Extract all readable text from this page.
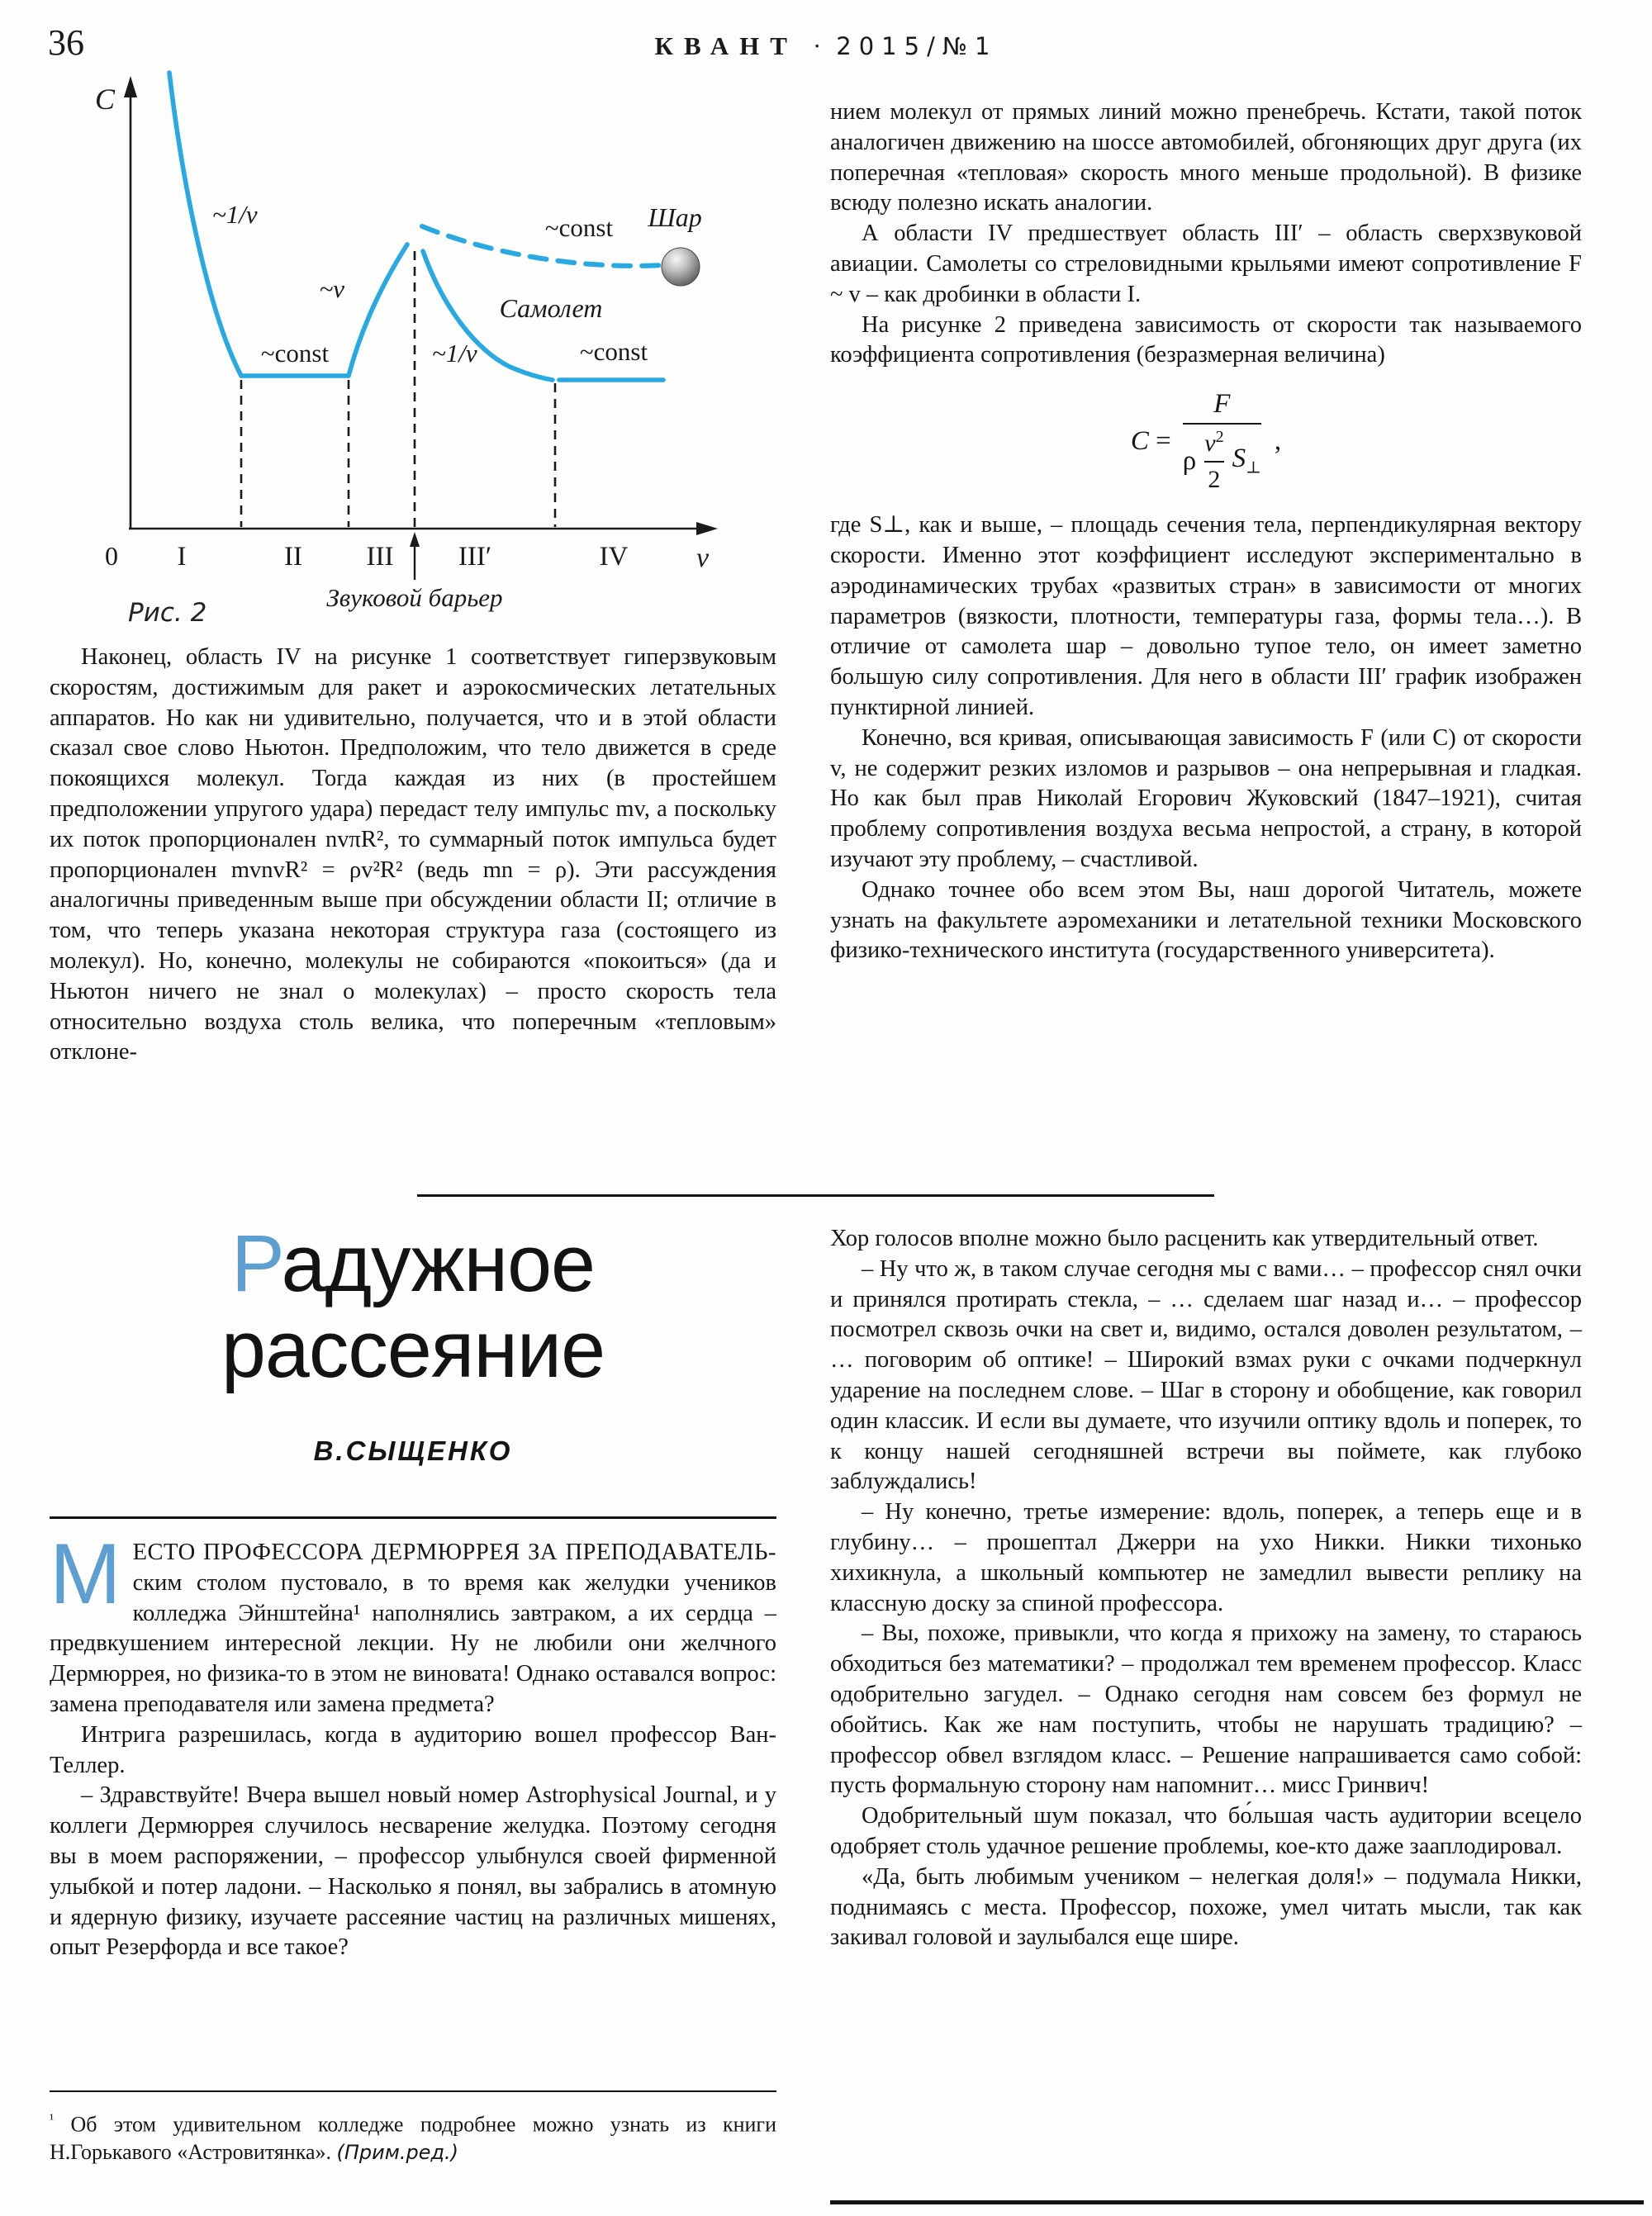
36	КВАНТ · 2015/№1
C
v
0
~1/v
~const
~v
~1/v
Самолет
~const Шар
~const
I	II III III′	IV
Звуковой барьер
Рис. 2

Наконец, область IV на рисунке 1 соответствует гиперзвуковым скоростям, достижимым для ракет и аэрокосмических летательных аппаратов. Но как ни удивительно, получается, что и в этой области сказал свое слово Ньютон. Предположим, что тело движется в среде покоящихся молекул. Тогда каждая из них (в простейшем предположении упругого удара) передаст телу импульс mv, а поскольку их поток пропорционален nvπR², то суммарный поток импульса будет пропорционален mvnvR² = ρv²R² (ведь mn = ρ). Эти рассуждения аналогичны приведенным выше при обсуждении области II; отличие в том, что теперь указана некоторая структура газа (состоящего из молекул). Но, конечно, молекулы не собираются «покоиться» (да и Ньютон ничего не знал о молекулах) – просто скорость тела относительно воздуха столь велика, что поперечным «тепловым» отклоне-

нием молекул от прямых линий можно пренебречь. Кстати, такой поток аналогичен движению на шоссе автомобилей, обгоняющих друг друга (их поперечная «тепловая» скорость много меньше продольной). В физике всюду полезно искать аналогии.

А области IV предшествует область III′ – область сверхзвуковой авиации. Самолеты со стреловидными крыльями имеют сопротивление F ~ v – как дробинки в области I.

На рисунке 2 приведена зависимость от скорости так называемого коэффициента сопротивления (безразмерная величина)

C =
F
ρ $\frac{v^2}{2} S_\perp$
,

где S⊥, как и выше, – площадь сечения тела, перпендикулярная вектору скорости. Именно этот коэффициент исследуют экспериментально в аэродинамических трубах «развитых стран» в зависимости от многих параметров (вязкости, плотности, температуры газа, формы тела…). В отличие от самолета шар – довольно тупое тело, он имеет заметно большую силу сопротивления. Для него в области III′ график изображен пунктирной линией.

Конечно, вся кривая, описывающая зависимость F (или C) от скорости v, не содержит резких изломов и разрывов – она непрерывная и гладкая. Но как был прав Николай Егорович Жуковский (1847–1921), считая проблему сопротивления воздуха весьма непростой, а страну, в которой изучают эту проблему, – счастливой.

Однако точнее обо всем этом Вы, наш дорогой Читатель, можете узнать на факультете аэромеханики и летательной техники Московского физико-технического института (государственного университета).

Радужное
рассеяние
В.СЫЩЕНКО

МЕСТО ПРОФЕССОРА ДЕРМЮРРЕЯ ЗА ПРЕПОДАВАТЕЛЬ-ским столом пустовало, в то время как желудки учеников колледжа Эйнштейна¹ наполнялись завтраком, а их сердца – предвкушением интересной лекции. Ну не любили они желчного Дермюррея, но физика-то в этом не виновата! Однако оставался вопрос: замена преподавателя или замена предмета?

Интрига разрешилась, когда в аудиторию вошел профессор Ван-Теллер.

– Здравствуйте! Вчера вышел новый номер Astrophysical Journal, и у коллеги Дермюррея случилось несварение желудка. Поэтому сегодня вы в моем распоряжении, – профессор улыбнулся своей фирменной улыбкой и потер ладони. – Насколько я понял, вы забрались в атомную и ядерную физику, изучаете рассеяние частиц на различных мишенях, опыт Резерфорда и все такое?

$^{^1}$ Об этом удивительном колледже подробнее можно узнать из книги Н.Горькавого «Астровитянка». (Прим.ред.)

Хор голосов вполне можно было расценить как утвердительный ответ.

– Ну что ж, в таком случае сегодня мы с вами… – профессор снял очки и принялся протирать стекла, – … сделаем шаг назад и… – профессор посмотрел сквозь очки на свет и, видимо, остался доволен результатом, – … поговорим об оптике! – Широкий взмах руки с очками подчеркнул ударение на последнем слове. – Шаг в сторону и обобщение, как говорил один классик. И если вы думаете, что изучили оптику вдоль и поперек, то к концу нашей сегодняшней встречи вы поймете, как глубоко заблуждались!

– Ну конечно, третье измерение: вдоль, поперек, а теперь еще и в глубину… – прошептал Джерри на ухо Никки. Никки тихонько хихикнула, а школьный компьютер не замедлил вывести реплику на классную доску за спиной профессора.

– Вы, похоже, привыкли, что когда я прихожу на замену, то стараюсь обходиться без математики? – продолжал тем временем профессор. Класс одобрительно загудел. – Однако сегодня нам совсем без формул не обойтись. Как же нам поступить, чтобы не нарушать традицию? – профессор обвел взглядом класс. – Решение напрашивается само собой: пусть формальную сторону нам напомнит… мисс Гринвич!

Одобрительный шум показал, что бо́льшая часть аудитории всецело одобряет столь удачное решение проблемы, кое-кто даже зааплодировал.

«Да, быть любимым учеником – нелегкая доля!» – подумала Никки, поднимаясь с места. Профессор, похоже, умел читать мысли, так как закивал головой и заулыбался еще шире.
